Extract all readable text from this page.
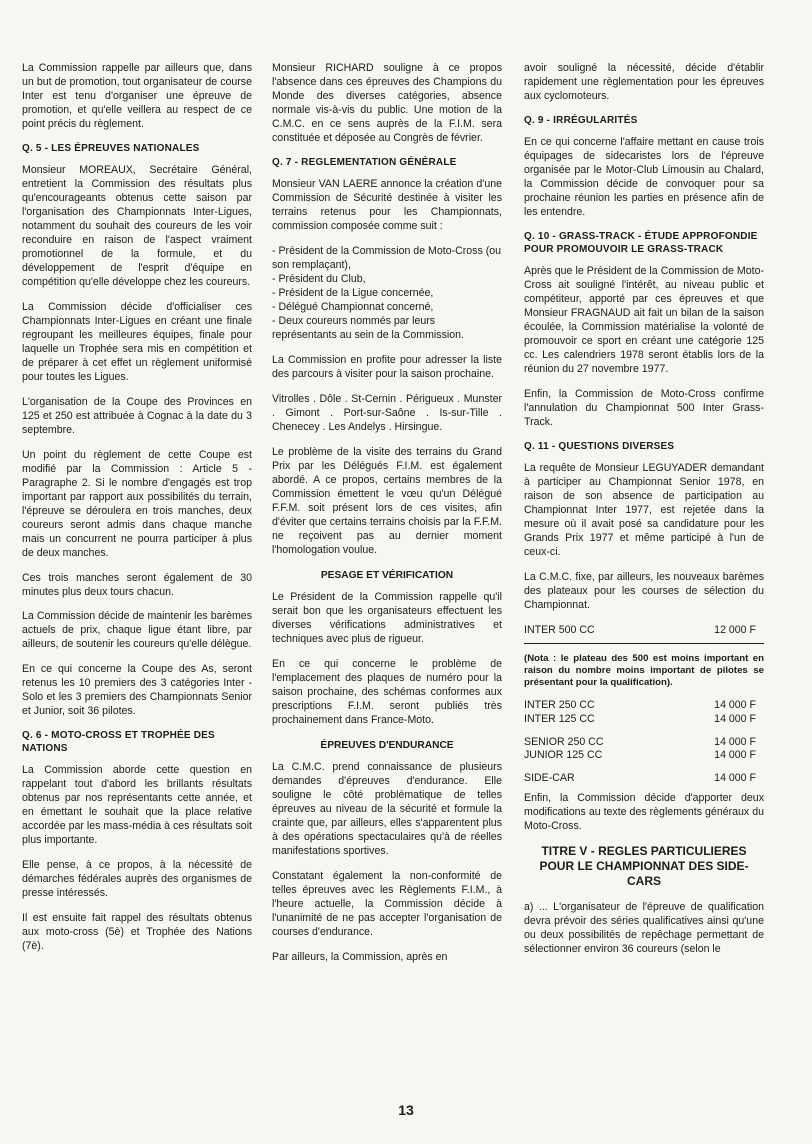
La Commission rappelle par ailleurs que, dans un but de promotion, tout organisateur de course Inter est tenu d'organiser une épreuve de promotion, et qu'elle veillera au respect de ce point précis du règlement.

Q. 5 - LES ÉPREUVES NATIONALES

Monsieur MOREAUX, Secrétaire Général, entretient la Commission des résultats plus qu'encourageants obtenus cette saison par l'organisation des Championnats Inter-Ligues, notamment du souhait des coureurs de les voir reconduire en raison de l'aspect vraiment promotionnel de la formule, et du développement de l'esprit d'équipe en compétition qu'elle développe chez les coureurs.

La Commission décide d'officialiser ces Championnats Inter-Ligues en créant une finale regroupant les meilleures équipes, finale pour laquelle un Trophée sera mis en compétition et de préparer à cet effet un règlement uniformisé pour toutes les Ligues.

L'organisation de la Coupe des Provinces en 125 et 250 est attribuée à Cognac à la date du 3 septembre.

Un point du règlement de cette Coupe est modifié par la Commission : Article 5 - Paragraphe 2. Si le nombre d'engagés est trop important par rapport aux possibilités du terrain, l'épreuve se déroulera en trois manches, deux coureurs seront admis dans chaque manche mais un concurrent ne pourra participer à plus de deux manches.

Ces trois manches seront également de 30 minutes plus deux tours chacun.

La Commission décide de maintenir les barèmes actuels de prix, chaque ligue étant libre, par ailleurs, de soutenir les coureurs qu'elle délègue.

En ce qui concerne la Coupe des As, seront retenus les 10 premiers des 3 catégories Inter - Solo et les 3 premiers des Championnats Senior et Junior, soit 36 pilotes.

Q. 6 - MOTO-CROSS ET TROPHÉE DES NATIONS

La Commission aborde cette question en rappelant tout d'abord les brillants résultats obtenus par nos représentants cette année, et en émettant le souhait que la place relative accordée par les mass-média à ces résultats soit plus importante.

Elle pense, à ce propos, à la nécessité de démarches fédérales auprès des organismes de presse intéressés.

Il est ensuite fait rappel des résultats obtenus aux moto-cross (5è) et Trophée des Nations (7è).

Monsieur RICHARD souligne à ce propos l'absence dans ces épreuves des Champions du Monde des diverses catégories, absence normale vis-à-vis du public. Une motion de la C.M.C. en ce sens auprès de la F.I.M. sera constituée et déposée au Congrès de février.

Q. 7 - REGLEMENTATION GÉNÉRALE

Monsieur VAN LAERE annonce la création d'une Commission de Sécurité destinée à visiter les terrains retenus pour les Championnats, commission composée comme suit :

- Président de la Commission de Moto-Cross (ou son remplaçant),
- Président du Club,
- Président de la Ligue concernée,
- Délégué Championnat concerné,
- Deux coureurs nommés par leurs représentants au sein de la Commission.

La Commission en profite pour adresser la liste des parcours à visiter pour la saison prochaine.

Vitrolles . Dôle . St-Cernin . Périgueux . Munster . Gimont . Port-sur-Saône . Is-sur-Tille . Chenecey . Les Andelys . Hirsingue.

Le problème de la visite des terrains du Grand Prix par les Délégués F.I.M. est également abordé. A ce propos, certains membres de la Commission émettent le vœu qu'un Délégué F.F.M. soit présent lors de ces visites, afin d'éviter que certains terrains choisis par la F.F.M. ne reçoivent pas au dernier moment l'homologation voulue.

PESAGE ET VÉRIFICATION

Le Président de la Commission rappelle qu'il serait bon que les organisateurs effectuent les diverses vérifications administratives et techniques avec plus de rigueur.

En ce qui concerne le problème de l'emplacement des plaques de numéro pour la saison prochaine, des schémas conformes aux prescriptions F.I.M. seront publiés très prochainement dans France-Moto.

ÉPREUVES D'ENDURANCE

La C.M.C. prend connaissance de plusieurs demandes d'épreuves d'endurance. Elle souligne le côté problématique de telles épreuves au niveau de la sécurité et formule la crainte que, par ailleurs, elles s'apparentent plus à des opérations spectaculaires qu'à de réelles manifestations sportives.

Constatant également la non-conformité de telles épreuves avec les Règlements F.I.M., à l'heure actuelle, la Commission décide à l'unanimité de ne pas accepter l'organisation de courses d'endurance.

Par ailleurs, la Commission, après en

avoir souligné la nécessité, décide d'établir rapidement une règlementation pour les épreuves aux cyclomoteurs.

Q. 9 - IRRÉGULARITÉS

En ce qui concerne l'affaire mettant en cause trois équipages de sidecaristes lors de l'épreuve organisée par le Motor-Club Limousin au Chalard, la Commission décide de convoquer pour sa prochaine réunion les parties en présence afin de les entendre.

Q. 10 - GRASS-TRACK - ÉTUDE APPROFONDIE POUR PROMOUVOIR LE GRASS-TRACK

Après que le Président de la Commission de Moto-Cross ait souligné l'intérêt, au niveau public et compétiteur, apporté par ces épreuves et que Monsieur FRAGNAUD ait fait un bilan de la saison écoulée, la Commission matérialise la volonté de promouvoir ce sport en créant une catégorie 125 cc. Les calendriers 1978 seront établis lors de la réunion du 27 novembre 1977.

Enfin, la Commission de Moto-Cross confirme l'annulation du Championnat 500 Inter Grass-Track.

Q. 11 - QUESTIONS DIVERSES

La requête de Monsieur LEGUYADER demandant à participer au Championnat Senior 1978, en raison de son absence de participation au Championnat Inter 1977, est rejetée dans la mesure où il avait posé sa candidature pour les Grands Prix 1977 et même participé à l'un de ceux-ci.

La C.M.C. fixe, par ailleurs, les nouveaux barèmes des plateaux pour les courses de sélection du Championnat.

INTER 500 CC	12 000 F

(Nota : le plateau des 500 est moins important en raison du nombre moins important de pilotes se présentant pour la qualification).

INTER 250 CC	14 000 F
INTER 125 CC	14 000 F
SENIOR 250 CC	14 000 F
JUNIOR 125 CC	14 000 F
SIDE-CAR	14 000 F

Enfin, la Commission décide d'apporter deux modifications au texte des règlements généraux du Moto-Cross.

TITRE V - REGLES PARTICULIERES POUR LE CHAMPIONNAT DES SIDE-CARS

a) ... L'organisateur de l'épreuve de qualification devra prévoir des séries qualificatives ainsi qu'une ou deux possibilités de repêchage permettant de sélectionner environ 36 coureurs (selon le

13
